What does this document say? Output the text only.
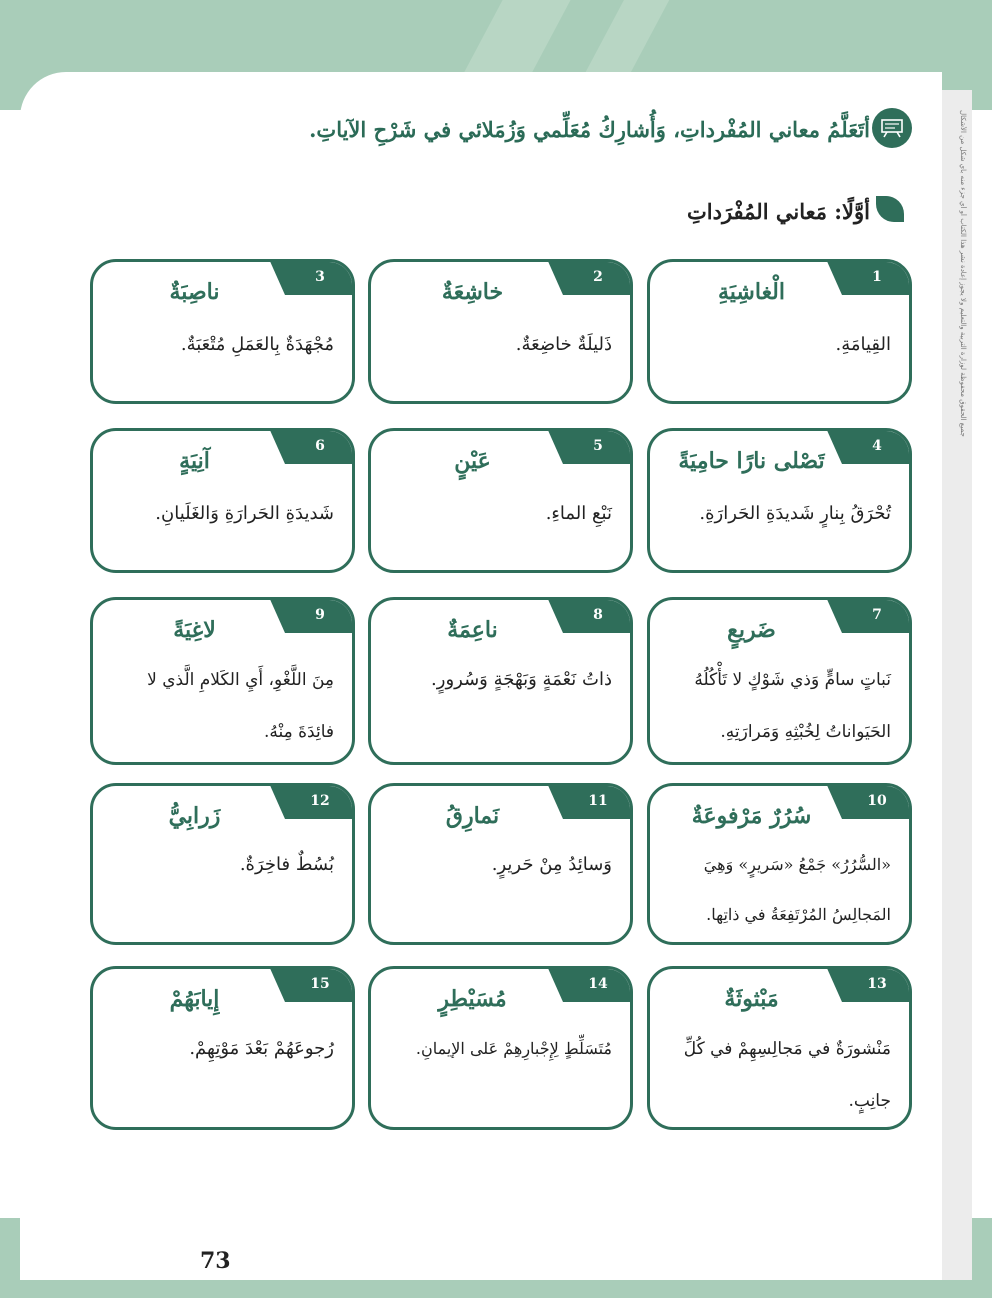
جميع الحقوق محفوظة لوزارة التربية والتعليم ولا يجوز إعادة نشر هذا الكتاب أو أي جزء منه بأي شكل من الأشكال
أتَعَلَّمُ معاني المُفْرداتِ، وَأُشارِكُ مُعَلِّمي وَزُمَلائي في شَرْحِ الآياتِ.
أوَّلًا: مَعاني المُفْرَداتِ
1
الْغاشِيَةِ
القِيامَةِ.
2
خاشِعَةٌ
ذَليلَةٌ خاضِعَةٌ.
3
ناصِبَةٌ
مُجْهَدَةٌ بِالعَمَلِ مُتْعَبَةٌ.
4
تَصْلى نارًا حامِيَةً
تُحْرَقُ بِنارٍ شَديدَةِ الحَرارَةِ.
5
عَيْنٍ
نَبْعِ الماءِ.
6
آنِيَةٍ
شَديدَةِ الحَرارَةِ وَالغَلَيانِ.
7
ضَريعٍ
نَباتٍ سامٍّ وَذي شَوْكٍ لا تَأْكُلُهُ الحَيَواناتُ لِخُبْثِهِ وَمَرارَتِهِ.
8
ناعِمَةٌ
ذاتُ نَعْمَةٍ وَبَهْجَةٍ وَسُرورٍ.
9
لاغِيَةً
مِنَ اللَّغْوِ، أَيِ الكَلامِ الَّذي لا فائِدَةَ مِنْهُ.
10
سُرُرٌ مَرْفوعَةٌ
«السُّرُرُ» جَمْعُ «سَريرٍ» وَهِيَ المَجالِسُ المُرْتَفِعَةُ في ذاتِها.
11
نَمارِقُ
وَسائِدُ مِنْ حَريرٍ.
12
زَرابِيُّ
بُسُطٌ فاخِرَةٌ.
13
مَبْثوثَةٌ
مَنْشورَةٌ في مَجالِسِهِمْ في كُلِّ جانِبٍ.
14
مُسَيْطِرٍ
مُتَسَلِّطٍ لِإِجْبارِهِمْ عَلى الإيمانِ.
15
إِيابَهُمْ
رُجوعَهُمْ بَعْدَ مَوْتِهِمْ.
73
